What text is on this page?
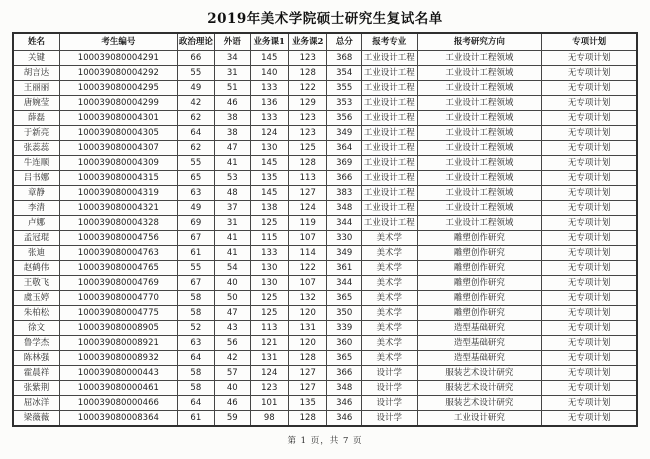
2019年美术学院硕士研究生复试名单
姓名	考生编号	政治理论	外语	业务课1	业务课2	总分	报考专业	报考研究方向	专项计划
关键	100039080004291	66	34	145	123	368	工业设计工程	工业设计工程领域	无专项计划
胡言达	100039080004292	55	31	140	128	354	工业设计工程	工业设计工程领域	无专项计划
王丽丽	100039080004295	49	51	133	122	355	工业设计工程	工业设计工程领域	无专项计划
唐婉莹	100039080004299	42	46	136	129	353	工业设计工程	工业设计工程领域	无专项计划
薛磊	100039080004301	62	38	133	123	356	工业设计工程	工业设计工程领域	无专项计划
于新亮	100039080004305	64	38	124	123	349	工业设计工程	工业设计工程领域	无专项计划
张蕊蕊	100039080004307	62	47	130	125	364	工业设计工程	工业设计工程领域	无专项计划
牛连顺	100039080004309	55	41	145	128	369	工业设计工程	工业设计工程领域	无专项计划
吕书娜	100039080004315	65	53	135	113	366	工业设计工程	工业设计工程领域	无专项计划
章静	100039080004319	63	48	145	127	383	工业设计工程	工业设计工程领域	无专项计划
李清	100039080004321	49	37	138	124	348	工业设计工程	工业设计工程领域	无专项计划
卢娜	100039080004328	69	31	125	119	344	工业设计工程	工业设计工程领域	无专项计划
孟冠琨	100039080004756	67	41	115	107	330	美术学	雕塑创作研究	无专项计划
张迪	100039080004763	61	41	133	114	349	美术学	雕塑创作研究	无专项计划
赵鹤伟	100039080004765	55	54	130	122	361	美术学	雕塑创作研究	无专项计划
王敬飞	100039080004769	67	40	130	107	344	美术学	雕塑创作研究	无专项计划
虞玉婷	100039080004770	58	50	125	132	365	美术学	雕塑创作研究	无专项计划
朱柏松	100039080004775	58	47	125	120	350	美术学	雕塑创作研究	无专项计划
徐文	100039080008905	52	43	113	131	339	美术学	造型基础研究	无专项计划
鲁学杰	100039080008921	63	56	121	120	360	美术学	造型基础研究	无专项计划
陈林强	100039080008932	64	42	131	128	365	美术学	造型基础研究	无专项计划
霍晨祥	100039080000443	58	57	124	127	366	设计学	服装艺术设计研究	无专项计划
张紫荆	100039080000461	58	40	123	127	348	设计学	服装艺术设计研究	无专项计划
屈冰洋	100039080000466	64	46	101	135	346	设计学	服装艺术设计研究	无专项计划
梁薇薇	100039080008364	61	59	98	128	346	设计学	工业设计研究	无专项计划
第 1 页，共 7 页
